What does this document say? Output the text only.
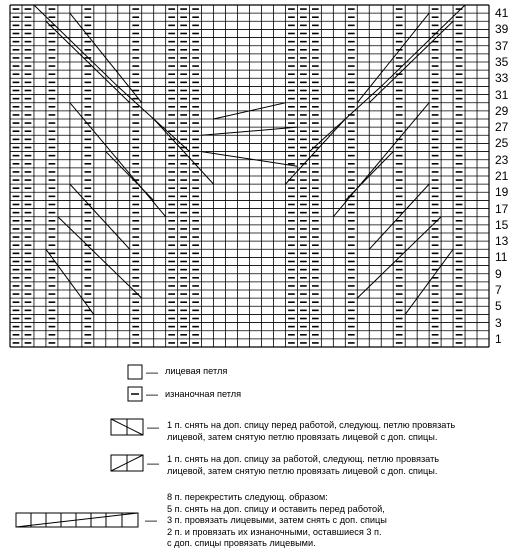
41
39
37
35
33
31
29
27
25
23
21
19
17
15
13
11
9
7
5
3
1
— лицевая петля
— изнаночная петля
— 1 п. снять на доп. спицу перед работой, следующ. петлю провязать
лицевой, затем снятую петлю провязать лицевой с доп. спицы.
— 1 п. снять на доп. спицу за работой, следующ. петлю провязать
лицевой, затем снятую петлю провязать лицевой с доп. спицы.
—
8 п. перекрестить следующ. образом:
5 п. снять на доп. спицу и оставить перед работой,
3 п. провязать лицевыми, затем снять с доп. спицы
2 п. и провязать их изнаночными, оставшиеся 3 п.
с доп. спицы провязать лицевыми.
